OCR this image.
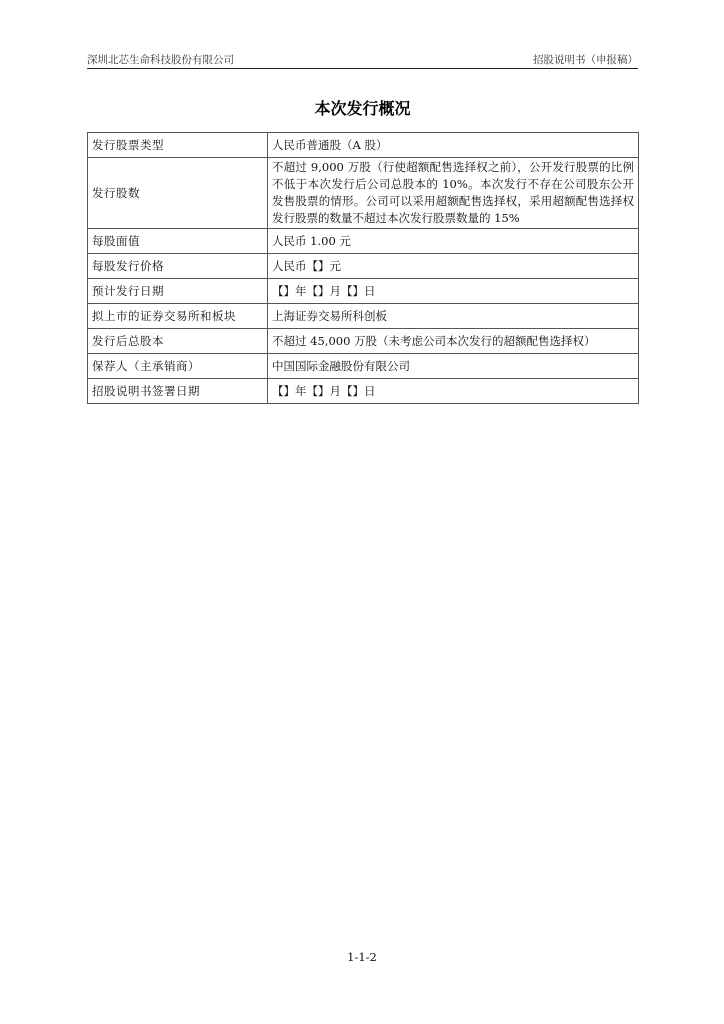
深圳北芯生命科技股份有限公司	招股说明书（申报稿）
本次发行概况
发行股票类型	人民币普通股（A 股）
发行股数	不超过 9,000 万股（行使超额配售选择权之前），公开发行股票的比例不低于本次发行后公司总股本的 10%。本次发行不存在公司股东公开发售股票的情形。公司可以采用超额配售选择权，采用超额配售选择权发行股票的数量不超过本次发行股票数量的 15%
每股面值	人民币 1.00 元
每股发行价格	人民币【】元
预计发行日期	【】年【】月【】日
拟上市的证券交易所和板块	上海证券交易所科创板
发行后总股本	不超过 45,000 万股（未考虑公司本次发行的超额配售选择权）
保荐人（主承销商）	中国国际金融股份有限公司
招股说明书签署日期	【】年【】月【】日
1-1-2
